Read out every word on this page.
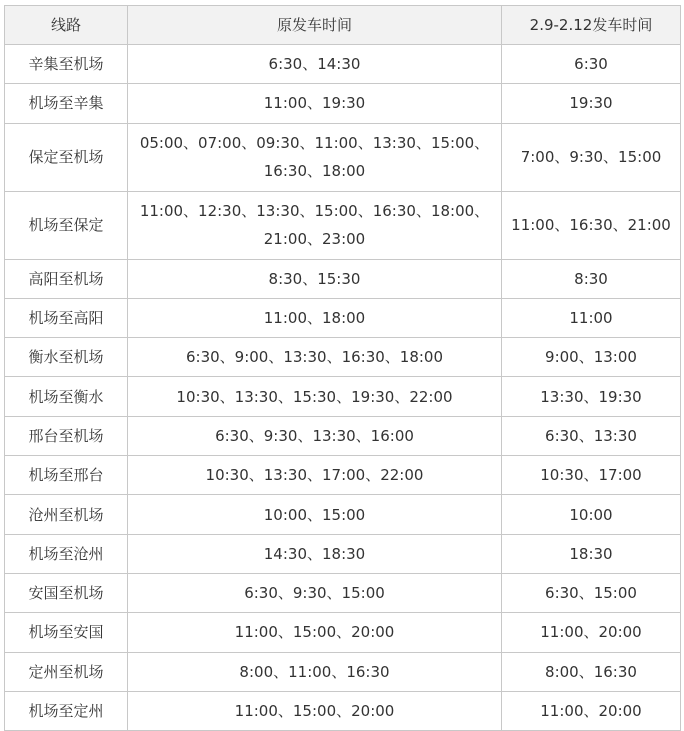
线路	原发车时间	2.9-2.12发车时间
辛集至机场	6:30、14:30	6:30
机场至辛集	11:00、19:30	19:30
保定至机场	05:00、07:00、09:30、11:00、13:30、15:00、16:30、18:00	7:00、9:30、15:00
机场至保定	11:00、12:30、13:30、15:00、16:30、18:00、21:00、23:00	11:00、16:30、21:00
高阳至机场	8:30、15:30	8:30
机场至高阳	11:00、18:00	11:00
衡水至机场	6:30、9:00、13:30、16:30、18:00	9:00、13:00
机场至衡水	10:30、13:30、15:30、19:30、22:00	13:30、19:30
邢台至机场	6:30、9:30、13:30、16:00	6:30、13:30
机场至邢台	10:30、13:30、17:00、22:00	10:30、17:00
沧州至机场	10:00、15:00	10:00
机场至沧州	14:30、18:30	18:30
安国至机场	6:30、9:30、15:00	6:30、15:00
机场至安国	11:00、15:00、20:00	11:00、20:00
定州至机场	8:00、11:00、16:30	8:00、16:30
机场至定州	11:00、15:00、20:00	11:00、20:00
